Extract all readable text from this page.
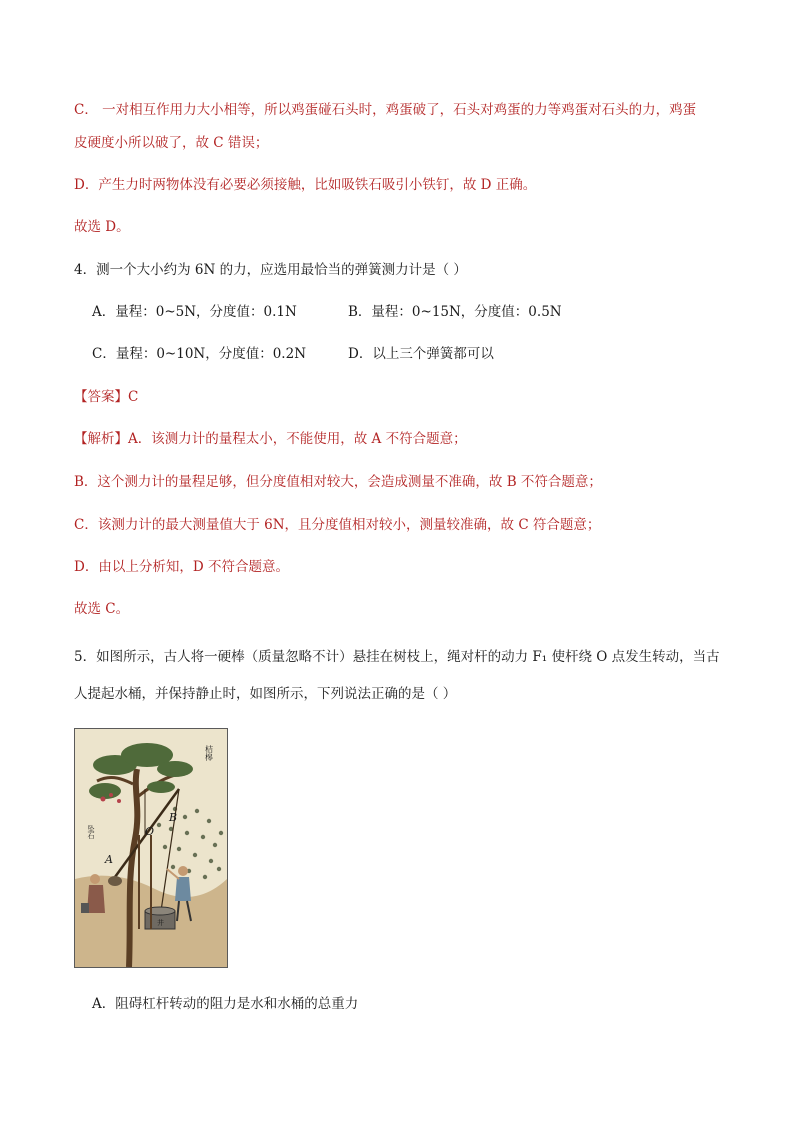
C． 一对相互作用力大小相等，所以鸡蛋碰石头时，鸡蛋破了，石头对鸡蛋的力等鸡蛋对石头的力，鸡蛋
皮硬度小所以破了，故 C 错误；
D．产生力时两物体没有必要必须接触，比如吸铁石吸引小铁钉，故 D 正确。
故选 D。
4．测一个大小约为 6N 的力，应选用最恰当的弹簧测力计是（ ）
A．量程：0~5N，分度值：0.1N	B．量程：0~15N，分度值：0.5N
C．量程：0~10N，分度值：0.2N	D．以上三个弹簧都可以
【答案】C
【解析】A．该测力计的量程太小，不能使用，故 A 不符合题意；
B．这个测力计的量程足够，但分度值相对较大，会造成测量不准确，故 B 不符合题意；
C．该测力计的最大测量值大于 6N，且分度值相对较小，测量较准确，故 C 符合题意；
D．由以上分析知，D 不符合题意。
故选 C。
5．如图所示，古人将一硬棒（质量忽略不计）悬挂在树枝上，绳对杆的动力 F₁ 使杆绕 O 点发生转动，当古
人提起水桶，并保持静止时，如图所示，下列说法正确的是（ ）
井
桔槔
坠石	O
B
A
A．阻碍杠杆转动的阻力是水和水桶的总重力
